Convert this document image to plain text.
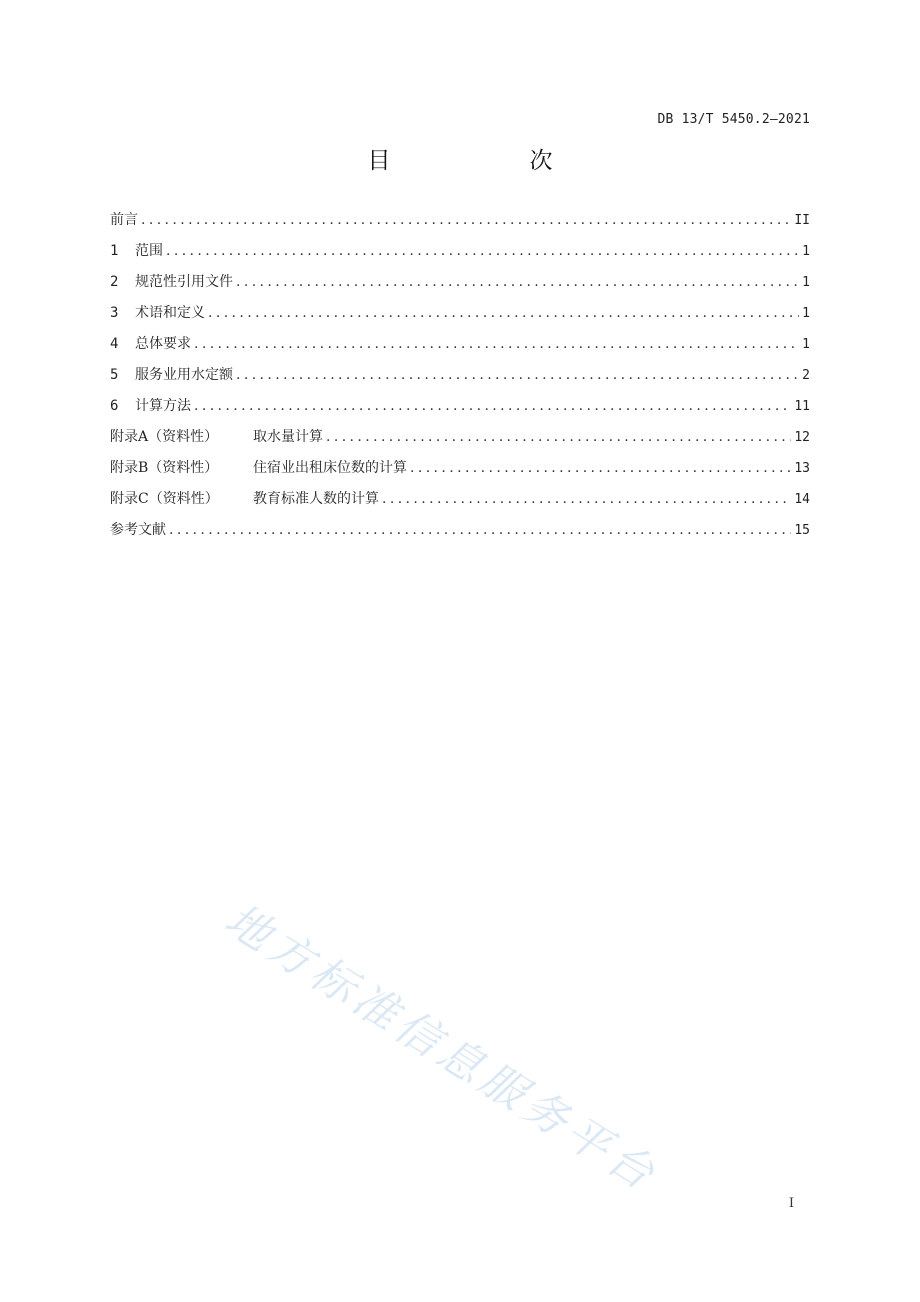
DB 13/T 5450.2—2021
目　次
前言 .....	II
1 范围 .....	1
2 规范性引用文件 .....	1
3 术语和定义 .....	1
4 总体要求 .....	1
5 服务业用水定额 .....	2
6 计算方法 .....	11
附录A（资料性） 取水量计算 .....	12
附录B（资料性） 住宿业出租床位数的计算 .....	13
附录C（资料性） 教育标准人数的计算 .....	14
参考文献 .....	15
地方标准信息服务平台
I
